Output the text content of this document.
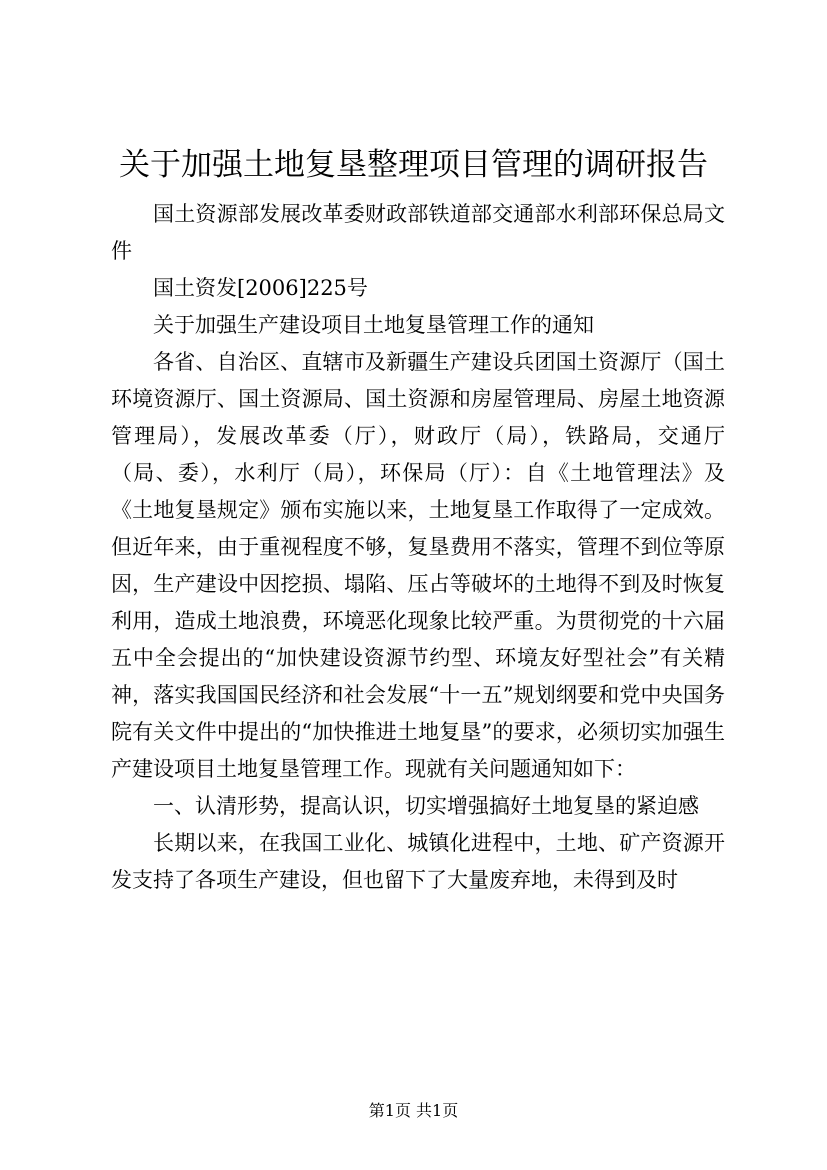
关于加强土地复垦整理项目管理的调研报告

国土资源部发展改革委财政部铁道部交通部水利部环保总局文件

国土资发[2006]225号

关于加强生产建设项目土地复垦管理工作的通知

各省、自治区、直辖市及新疆生产建设兵团国土资源厅（国土环境资源厅、国土资源局、国土资源和房屋管理局、房屋土地资源管理局），发展改革委（厅），财政厅（局），铁路局，交通厅（局、委），水利厅（局），环保局（厅）：自《土地管理法》及《土地复垦规定》颁布实施以来，土地复垦工作取得了一定成效。但近年来，由于重视程度不够，复垦费用不落实，管理不到位等原因，生产建设中因挖损、塌陷、压占等破坏的土地得不到及时恢复利用，造成土地浪费，环境恶化现象比较严重。为贯彻党的十六届五中全会提出的“加快建设资源节约型、环境友好型社会”有关精神，落实我国国民经济和社会发展“十一五”规划纲要和党中央国务院有关文件中提出的“加快推进土地复垦”的要求，必须切实加强生产建设项目土地复垦管理工作。现就有关问题通知如下：

一、认清形势，提高认识，切实增强搞好土地复垦的紧迫感

长期以来，在我国工业化、城镇化进程中，土地、矿产资源开发支持了各项生产建设，但也留下了大量废弃地，未得到及时

第1页 共1页
